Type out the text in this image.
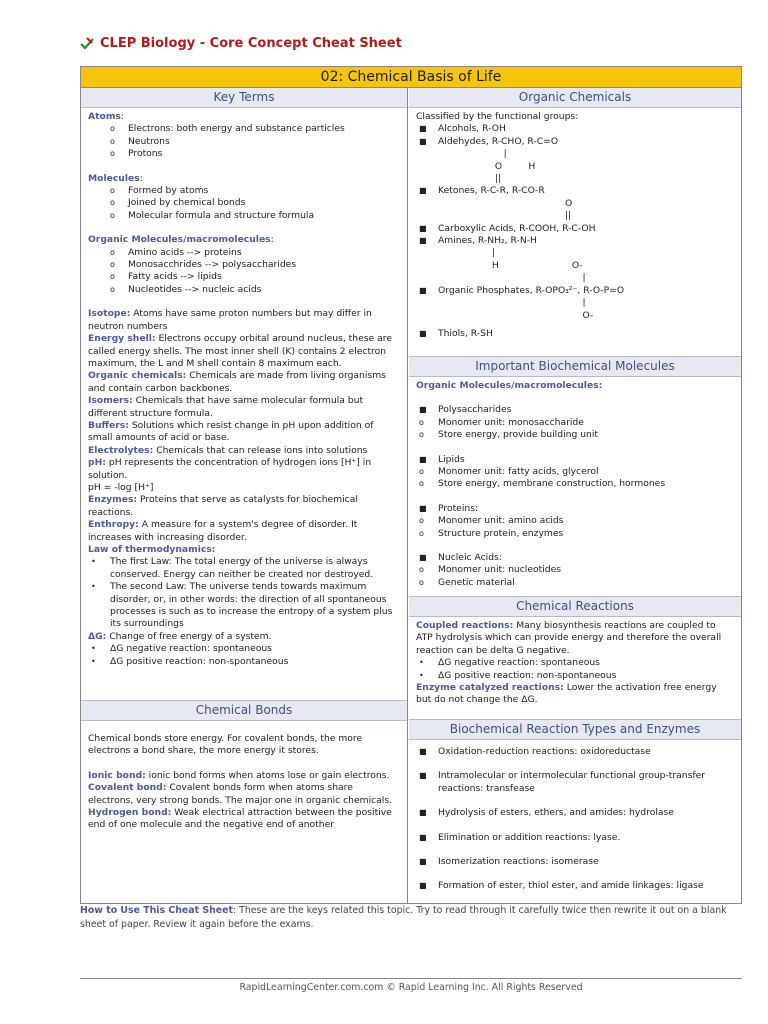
CLEP Biology - Core Concept Cheat Sheet
02: Chemical Basis of Life
Key Terms
Atoms:
o Electrons: both energy and substance particles
o Neutrons
o Protons
Molecules:
o Formed by atoms
o Joined by chemical bonds
o Molecular formula and structure formula
Organic Molecules/macromolecules:
o Amino acids --> proteins
o Monosacchrides --> polysaccharides
o Fatty acids --> lipids
o Nucleotides --> nucleic acids
Isotope: Atoms have same proton numbers but may differ in neutron numbers
Energy shell: Electrons occupy orbital around nucleus, these are called energy shells. The most inner shell (K) contains 2 electron maximum, the L and M shell contain 8 maximum each.
Organic chemicals: Chemicals are made from living organisms and contain carbon backbones.
Isomers: Chemicals that have same molecular formula but different structure formula.
Buffers: Solutions which resist change in pH upon addition of small amounts of acid or base.
Electrolytes: Chemicals that can release ions into solutions
pH: pH represents the concentration of hydrogen ions [H⁺] in solution.
pH = -log [H⁺]
Enzymes: Proteins that serve as catalysts for biochemical reactions.
Enthropy: A measure for a system's degree of disorder. It increases with increasing disorder.
Law of thermodynamics:
• The first Law: The total energy of the universe is always conserved. Energy can neither be created nor destroyed.
• The second Law: The universe tends towards maximum disorder, or, in other words: the direction of all spontaneous processes is such as to increase the entropy of a system plus its surroundings
ΔG: Change of free energy of a system.
• ΔG negative reaction: spontaneous
• ΔG positive reaction: non-spontaneous
Chemical Bonds
Chemical bonds store energy. For covalent bonds, the more electrons a bond share, the more energy it stores.
Ionic bond: ionic bond forms when atoms lose or gain electrons.
Covalent bond: Covalent bonds form when atoms share electrons, very strong bonds. The major one in organic chemicals.
Hydrogen bond: Weak electrical attraction between the positive end of one molecule and the negative end of another
Organic Chemicals
Classified by the functional groups:
■ Alcohols, R-OH
■ Aldehydes, R-CHO, R-C=O
|
O         H
||
■ Ketones, R-C-R, R-CO-R
O
||
■ Carboxylic Acids, R-COOH, R-C-OH
■ Amines, R-NH₂, R-N-H
|
H                         O-
|
■ Organic Phosphates, R-OPO₃²⁻, R-O-P=O
|
O-
■ Thiols, R-SH
Important Biochemical Molecules
Organic Molecules/macromolecules:
■ Polysaccharides
o Monomer unit: monosaccharide
o Store energy, provide building unit
■ Lipids
o Monomer unit: fatty acids, glycerol
o Store energy, membrane construction, hormones
■ Proteins:
o Monomer unit: amino acids
o Structure protein, enzymes
■ Nucleic Acids:
o Monomer unit: nucleotides
o Genetic material
Chemical Reactions
Coupled reactions: Many biosynthesis reactions are coupled to ATP hydrolysis which can provide energy and therefore the overall reaction can be delta G negative.
• ΔG negative reaction: spontaneous
• ΔG positive reaction: non-spontaneous
Enzyme catalyzed reactions: Lower the activation free energy but do not change the ΔG.
Biochemical Reaction Types and Enzymes
■ Oxidation-reduction reactions: oxidoreductase
■ Intramolecular or intermolecular functional group-transfer reactions: transfease
■ Hydrolysis of esters, ethers, and amides: hydrolase
■ Elimination or addition reactions: lyase.
■ Isomerization reactions: isomerase
■ Formation of ester, thiol ester, and amide linkages: ligase
How to Use This Cheat Sheet: These are the keys related this topic. Try to read through it carefully twice then rewrite it out on a blank sheet of paper. Review it again before the exams.
RapidLearningCenter.com.com © Rapid Learning Inc. All Rights Reserved
